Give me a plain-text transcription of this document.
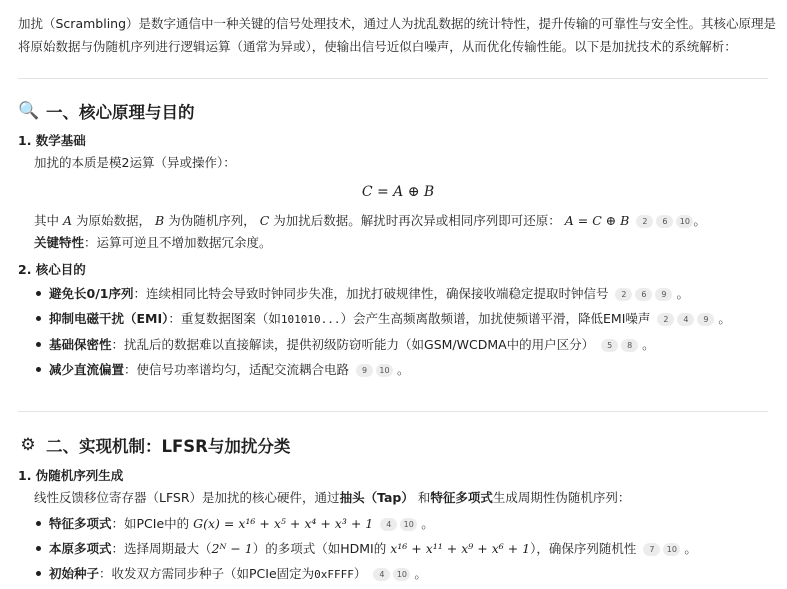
加扰（Scrambling）是数字通信中一种关键的信号处理技术，通过人为扰乱数据的统计特性，提升传输的可靠性与安全性。其核心原理是
将原始数据与伪随机序列进行逻辑运算（通常为异或），使输出信号近似白噪声，从而优化传输性能。以下是加扰技术的系统解析：

🔍 一、核心原理与目的

1. 数学基础

加扰的本质是模2运算（异或操作）：

C = A ⊕ B

其中 A 为原始数据， B 为伪随机序列， C 为加扰后数据。解扰时再次异或相同序列即可还原： A = C ⊕ B 2 6 10 。
关键特性：运算可逆且不增加数据冗余度。

2. 核心目的

避免长0/1序列：连续相同比特会导致时钟同步失准，加扰打破规律性，确保接收端稳定提取时钟信号 2 6 9 。
抑制电磁干扰（EMI）：重复数据图案（如101010...）会产生高频离散频谱，加扰使频谱平滑，降低EMI噪声 2 4 9 。
基础保密性：扰乱后的数据难以直接解读，提供初级防窃听能力（如GSM/WCDMA中的用户区分） 5 8 。
减少直流偏置：使信号功率谱均匀，适配交流耦合电路 9 10 。
⚙ 二、实现机制：LFSR与加扰分类

1. 伪随机序列生成

线性反馈移位寄存器（LFSR）是加扰的核心硬件，通过抽头（Tap） 和特征多项式生成周期性伪随机序列：

特征多项式：如PCIe中的 G(x) = x¹⁶ + x⁵ + x⁴ + x³ + 1 4 10 。
本原多项式：选择周期最大（2ᴺ − 1）的多项式（如HDMI的 x¹⁶ + x¹¹ + x⁹ + x⁶ + 1），确保序列随机性 7 10 。
初始种子：收发双方需同步种子（如PCIe固定为0xFFFF） 4 10 。
